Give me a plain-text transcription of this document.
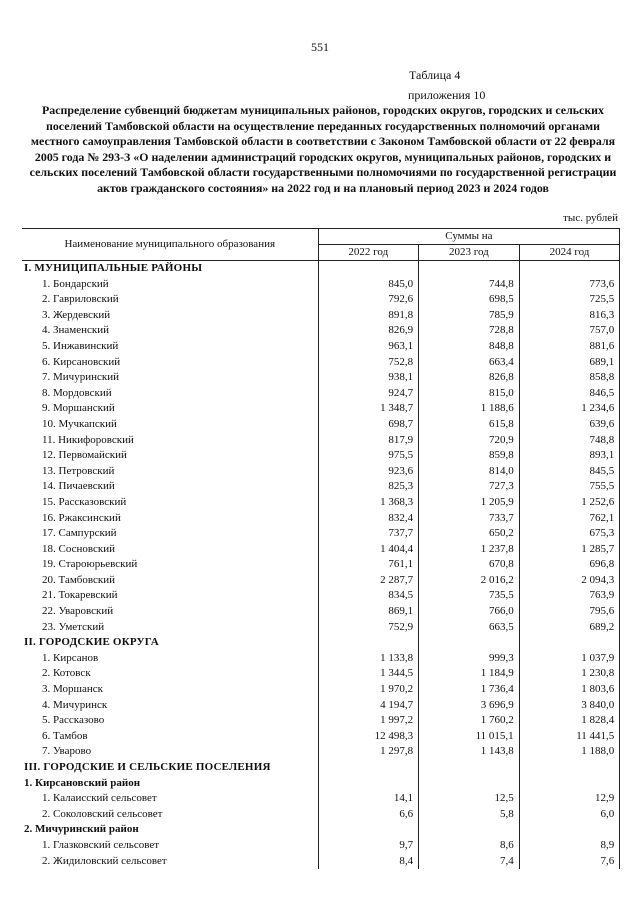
551
Таблица 4
приложения 10
Распределение субвенций бюджетам муниципальных районов, городских округов, городских и сельских поселений Тамбовской области на осуществление переданных государственных полномочий органами местного самоуправления Тамбовской области в соответствии с Законом Тамбовской области от 22 февраля 2005 года № 293-З «О наделении администраций городских округов, муниципальных районов, городских и сельских поселений Тамбовской области государственными полномочиями по государственной регистрации актов гражданского состояния» на 2022 год и на плановый период 2023 и 2024 годов
тыс. рублей
Наименование муниципального образования	Суммы на		
	2022 год	2023 год	2024 год
I. МУНИЦИПАЛЬНЫЕ РАЙОНЫ			
1. Бондарский	845,0	744,8	773,6
2. Гавриловский	792,6	698,5	725,5
3. Жердевский	891,8	785,9	816,3
4. Знаменский	826,9	728,8	757,0
5. Инжавинский	963,1	848,8	881,6
6. Кирсановский	752,8	663,4	689,1
7. Мичуринский	938,1	826,8	858,8
8. Мордовский	924,7	815,0	846,5
9. Моршанский	1 348,7	1 188,6	1 234,6
10. Мучкапский	698,7	615,8	639,6
11. Никифоровский	817,9	720,9	748,8
12. Первомайский	975,5	859,8	893,1
13. Петровский	923,6	814,0	845,5
14. Пичаевский	825,3	727,3	755,5
15. Рассказовский	1 368,3	1 205,9	1 252,6
16. Ржаксинский	832,4	733,7	762,1
17. Сампурский	737,7	650,2	675,3
18. Сосновский	1 404,4	1 237,8	1 285,7
19. Староюрьевский	761,1	670,8	696,8
20. Тамбовский	2 287,7	2 016,2	2 094,3
21. Токаревский	834,5	735,5	763,9
22. Уваровский	869,1	766,0	795,6
23. Уметский	752,9	663,5	689,2
II. ГОРОДСКИЕ ОКРУГА			
1. Кирсанов	1 133,8	999,3	1 037,9
2. Котовск	1 344,5	1 184,9	1 230,8
3. Моршанск	1 970,2	1 736,4	1 803,6
4. Мичуринск	4 194,7	3 696,9	3 840,0
5. Рассказово	1 997,2	1 760,2	1 828,4
6. Тамбов	12 498,3	11 015,1	11 441,5
7. Уварово	1 297,8	1 143,8	1 188,0
III. ГОРОДСКИЕ И СЕЛЬСКИЕ ПОСЕЛЕНИЯ			
1. Кирсановский район			
1. Калаисский сельсовет	14,1	12,5	12,9
2. Соколовский сельсовет	6,6	5,8	6,0
2. Мичуринский район			
1. Глазковский сельсовет	9,7	8,6	8,9
2. Жидиловский сельсовет	8,4	7,4	7,6
